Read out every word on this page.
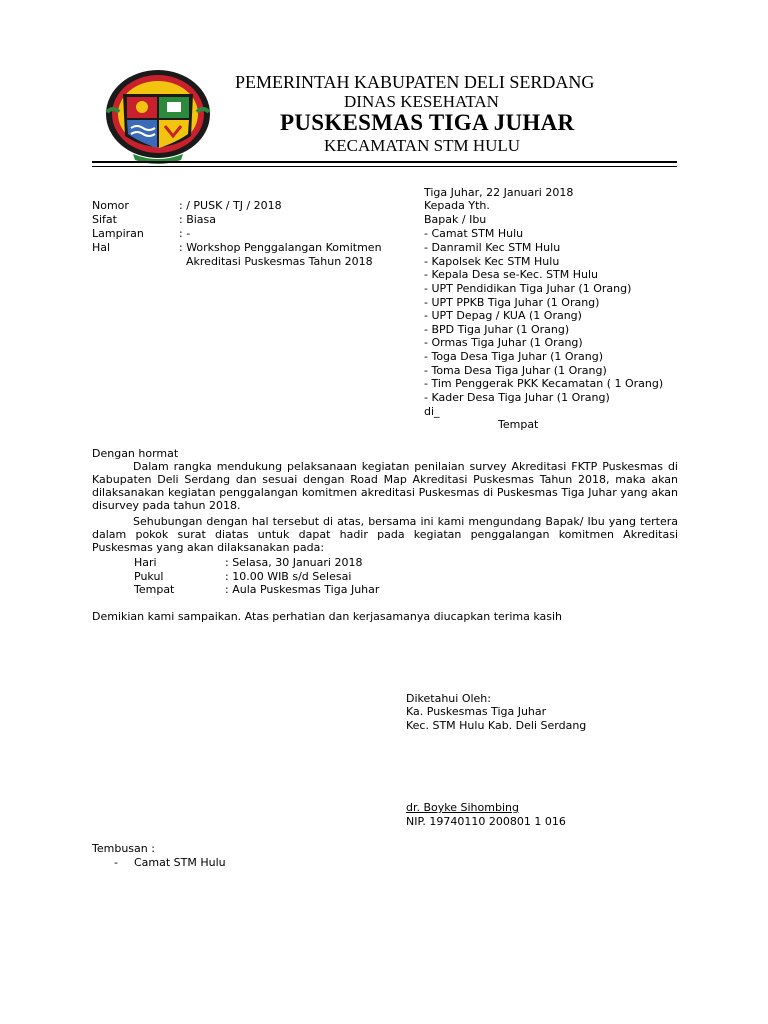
PEMERINTAH KABUPATEN DELI SERDANG
DINAS KESEHATAN
PUSKESMAS TIGA JUHAR
KECAMATAN STM HULU
Tiga Juhar, 22 Januari 2018
Nomor	: / PUSK / TJ / 2018
Sifat	: Biasa
Lampiran	: -
Hal	: Workshop Penggalangan Komitmen
Akreditasi Puskesmas Tahun 2018
Kepada Yth.
Bapak / Ibu
- Camat STM Hulu
- Danramil Kec STM Hulu
- Kapolsek Kec STM Hulu
- Kepala Desa se-Kec. STM Hulu
- UPT Pendidikan Tiga Juhar (1 Orang)
- UPT PPKB Tiga Juhar (1 Orang)
- UPT Depag / KUA (1 Orang)
- BPD Tiga Juhar (1 Orang)
- Ormas Tiga Juhar (1 Orang)
- Toga Desa Tiga Juhar (1 Orang)
- Toma Desa Tiga Juhar (1 Orang)
- Tim Penggerak PKK Kecamatan ( 1 Orang)
- Kader Desa Tiga Juhar (1 Orang)
di_
Tempat
Dengan hormat
Dalam rangka mendukung pelaksanaan kegiatan penilaian survey Akreditasi FKTP Puskesmas di Kabupaten Deli Serdang dan sesuai dengan Road Map Akreditasi Puskesmas Tahun 2018, maka akan dilaksanakan kegiatan penggalangan komitmen akreditasi Puskesmas di Puskesmas Tiga Juhar yang akan disurvey pada tahun 2018.
Sehubungan dengan hal tersebut di atas, bersama ini kami mengundang Bapak/ Ibu yang tertera dalam pokok surat diatas untuk dapat hadir pada kegiatan penggalangan komitmen Akreditasi Puskesmas yang akan dilaksanakan pada:
Hari	: Selasa, 30 Januari 2018
Pukul	: 10.00 WIB s/d Selesai
Tempat	: Aula Puskesmas Tiga Juhar
Demikian kami sampaikan. Atas perhatian dan kerjasamanya diucapkan terima kasih
Diketahui Oleh:
Ka. Puskesmas Tiga Juhar
Kec. STM Hulu Kab. Deli Serdang
dr. Boyke Sihombing
NIP. 19740110 200801 1 016
Tembusan :
- Camat STM Hulu
